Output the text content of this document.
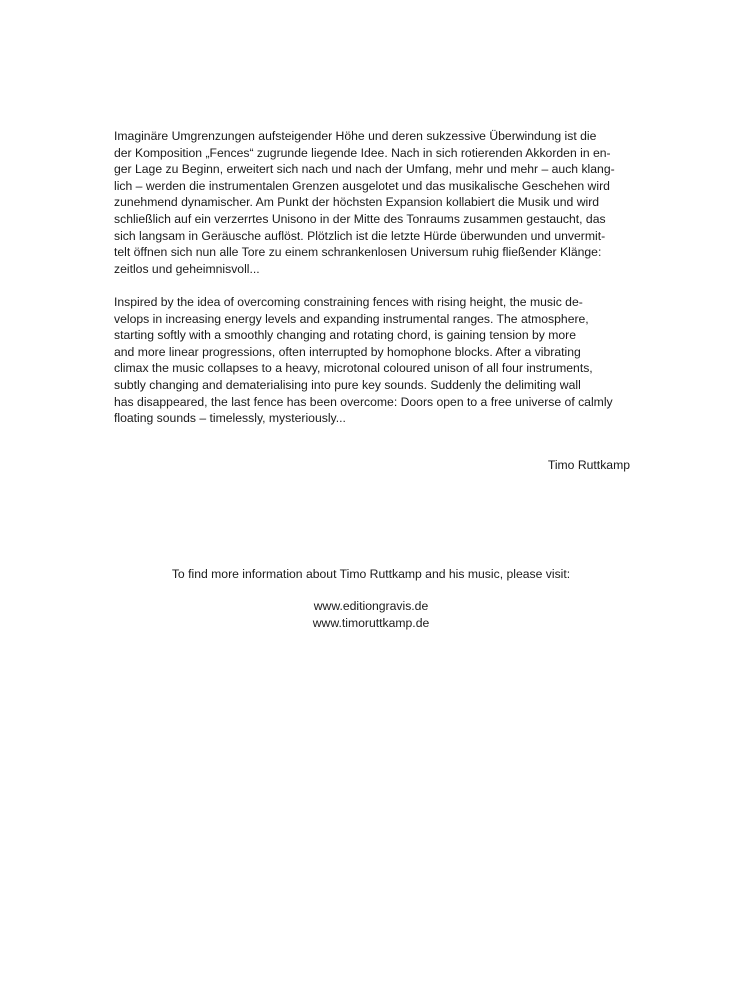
Imaginäre Umgrenzungen aufsteigender Höhe und deren sukzessive Überwindung ist die
der Komposition „Fences“ zugrunde liegende Idee. Nach in sich rotierenden Akkorden in en-
ger Lage zu Beginn, erweitert sich nach und nach der Umfang, mehr und mehr – auch klang-
lich – werden die instrumentalen Grenzen ausgelotet und das musikalische Geschehen wird
zunehmend dynamischer. Am Punkt der höchsten Expansion kollabiert die Musik und wird
schließlich auf ein verzerrtes Unisono in der Mitte des Tonraums zusammen gestaucht, das
sich langsam in Geräusche auflöst. Plötzlich ist die letzte Hürde überwunden und unvermit-
telt öffnen sich nun alle Tore zu einem schrankenlosen Universum ruhig fließender Klänge:
zeitlos und geheimnisvoll...

Inspired by the idea of overcoming constraining fences with rising height, the music de-
velops in increasing energy levels and expanding instrumental ranges. The atmosphere,
starting softly with a smoothly changing and rotating chord, is gaining tension by more
and more linear progressions, often interrupted by homophone blocks. After a vibrating
climax the music collapses to a heavy, microtonal coloured unison of all four instruments,
subtly changing and dematerialising into pure key sounds. Suddenly the delimiting wall
has disappeared, the last fence has been overcome: Doors open to a free universe of calmly
floating sounds – timelessly, mysteriously...

Timo Ruttkamp

To find more information about Timo Ruttkamp and his music, please visit:

www.editiongravis.de
www.timoruttkamp.de
